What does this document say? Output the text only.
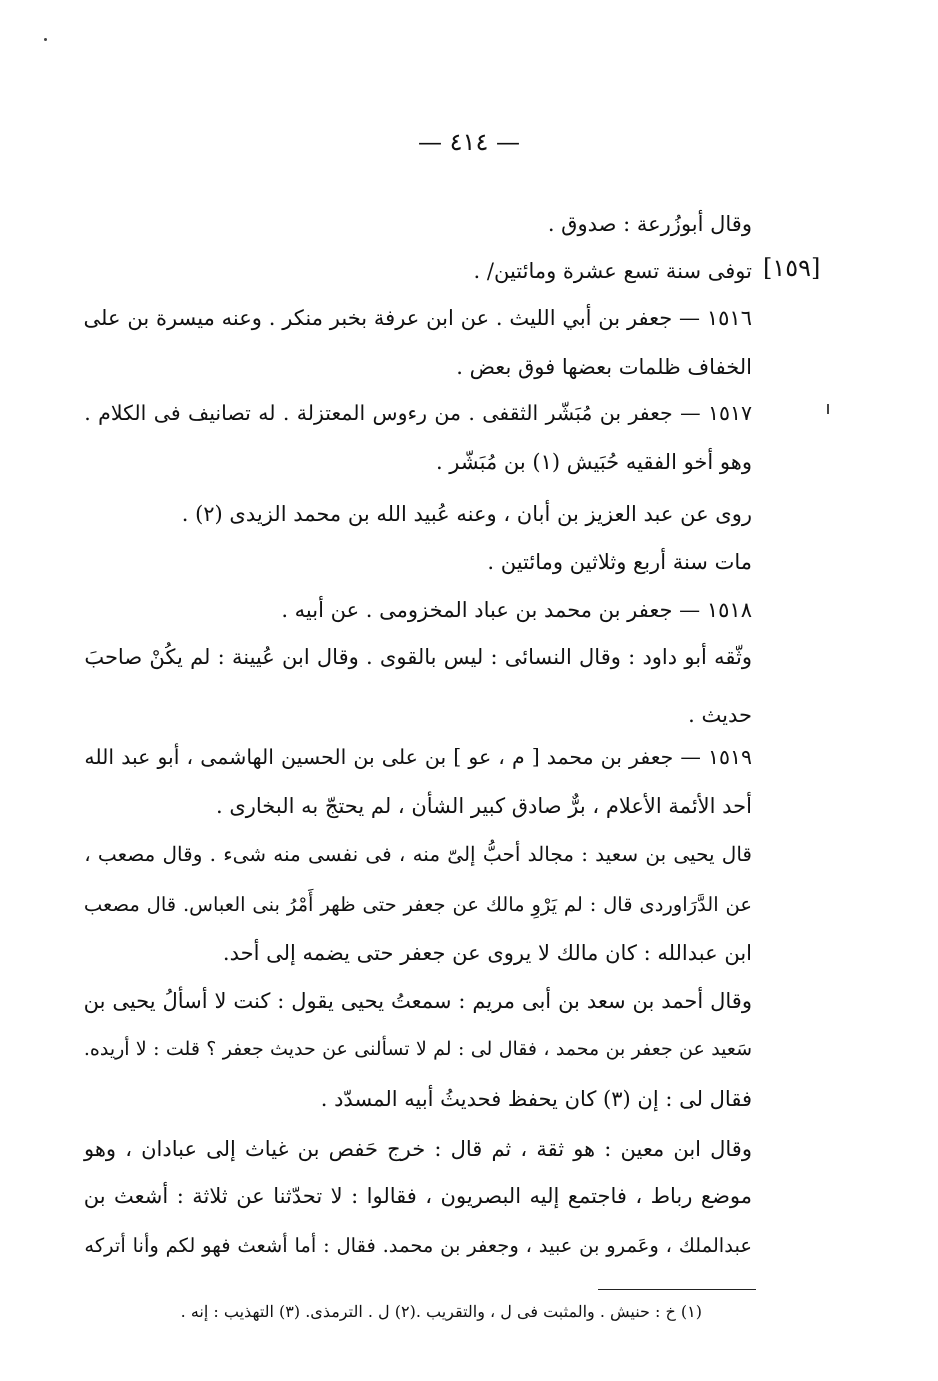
— ٤١٤ —
[١٥٩]
وقال أبوزُرعة : صدوق .
توفى سنة تسع عشرة ومائتين/ .
١٥١٦ — جعفر بن أبي الليث . عن ابن عرفة بخبر منكر . وعنه ميسرة بن على
الخفاف ظلمات بعضها فوق بعض .
١٥١٧ — جعفر بن مُبَشّر الثقفى . من رءوس المعتزلة . له تصانيف فى الكلام .
وهو أخو الفقيه حُبَيش (١) بن مُبَشّر .
روى عن عبد العزيز بن أبان ، وعنه عُبيد الله بن محمد الزيدى (٢) .
مات سنة أربع وثلاثين ومائتين .
١٥١٨ — جعفر بن محمد بن عباد المخزومى . عن أبيه .
وثّقه أبو داود : وقال النسائى : ليس بالقوى . وقال ابن عُيينة : لم يكُنْ صاحبَ
حديث .
١٥١٩ — جعفر بن محمد [ م ، عو ] بن على بن الحسين الهاشمى ، أبو عبد الله
أحد الأئمة الأعلام ، برٌّ صادق كبير الشأن ، لم يحتجّ به البخارى .
قال يحيى بن سعيد : مجالد أحبُّ إلىّ منه ، فى نفسى منه شىء . وقال مصعب ،
عن الدَّرَاوردى قال : لم يَرْوِ مالك عن جعفر حتى ظهر أَمْرُ بنى العباس. قال مصعب
ابن عبدالله : كان مالك لا يروى عن جعفر حتى يضمه إلى أحد.
وقال أحمد بن سعد بن أبى مريم : سمعتُ يحيى يقول : كنت لا أسألُ يحيى بن
سَعيد عن جعفر بن محمد ، فقال لى : لم لا تسألنى عن حديث جعفر ؟ قلت : لا أريده.
فقال لى : إن (٣) كان يحفظ فحديثُ أبيه المسدّد .
وقال ابن معين : هو ثقة ، ثم قال : خرج حَفص بن غياث إلى عبادان ، وهو
موضع رباط ، فاجتمع إليه البصريون ، فقالوا : لا تحدّثنا عن ثلاثة : أشعث بن
عبدالملك ، وعَمرو بن عبيد ، وجعفر بن محمد. فقال : أما أشعث فهو لكم وأنا أتركه
(١) خ : حنيش . والمثبت فى ل ، والتقريب .(٢) ل . الترمذى. (٣) التهذيب : إنه .
